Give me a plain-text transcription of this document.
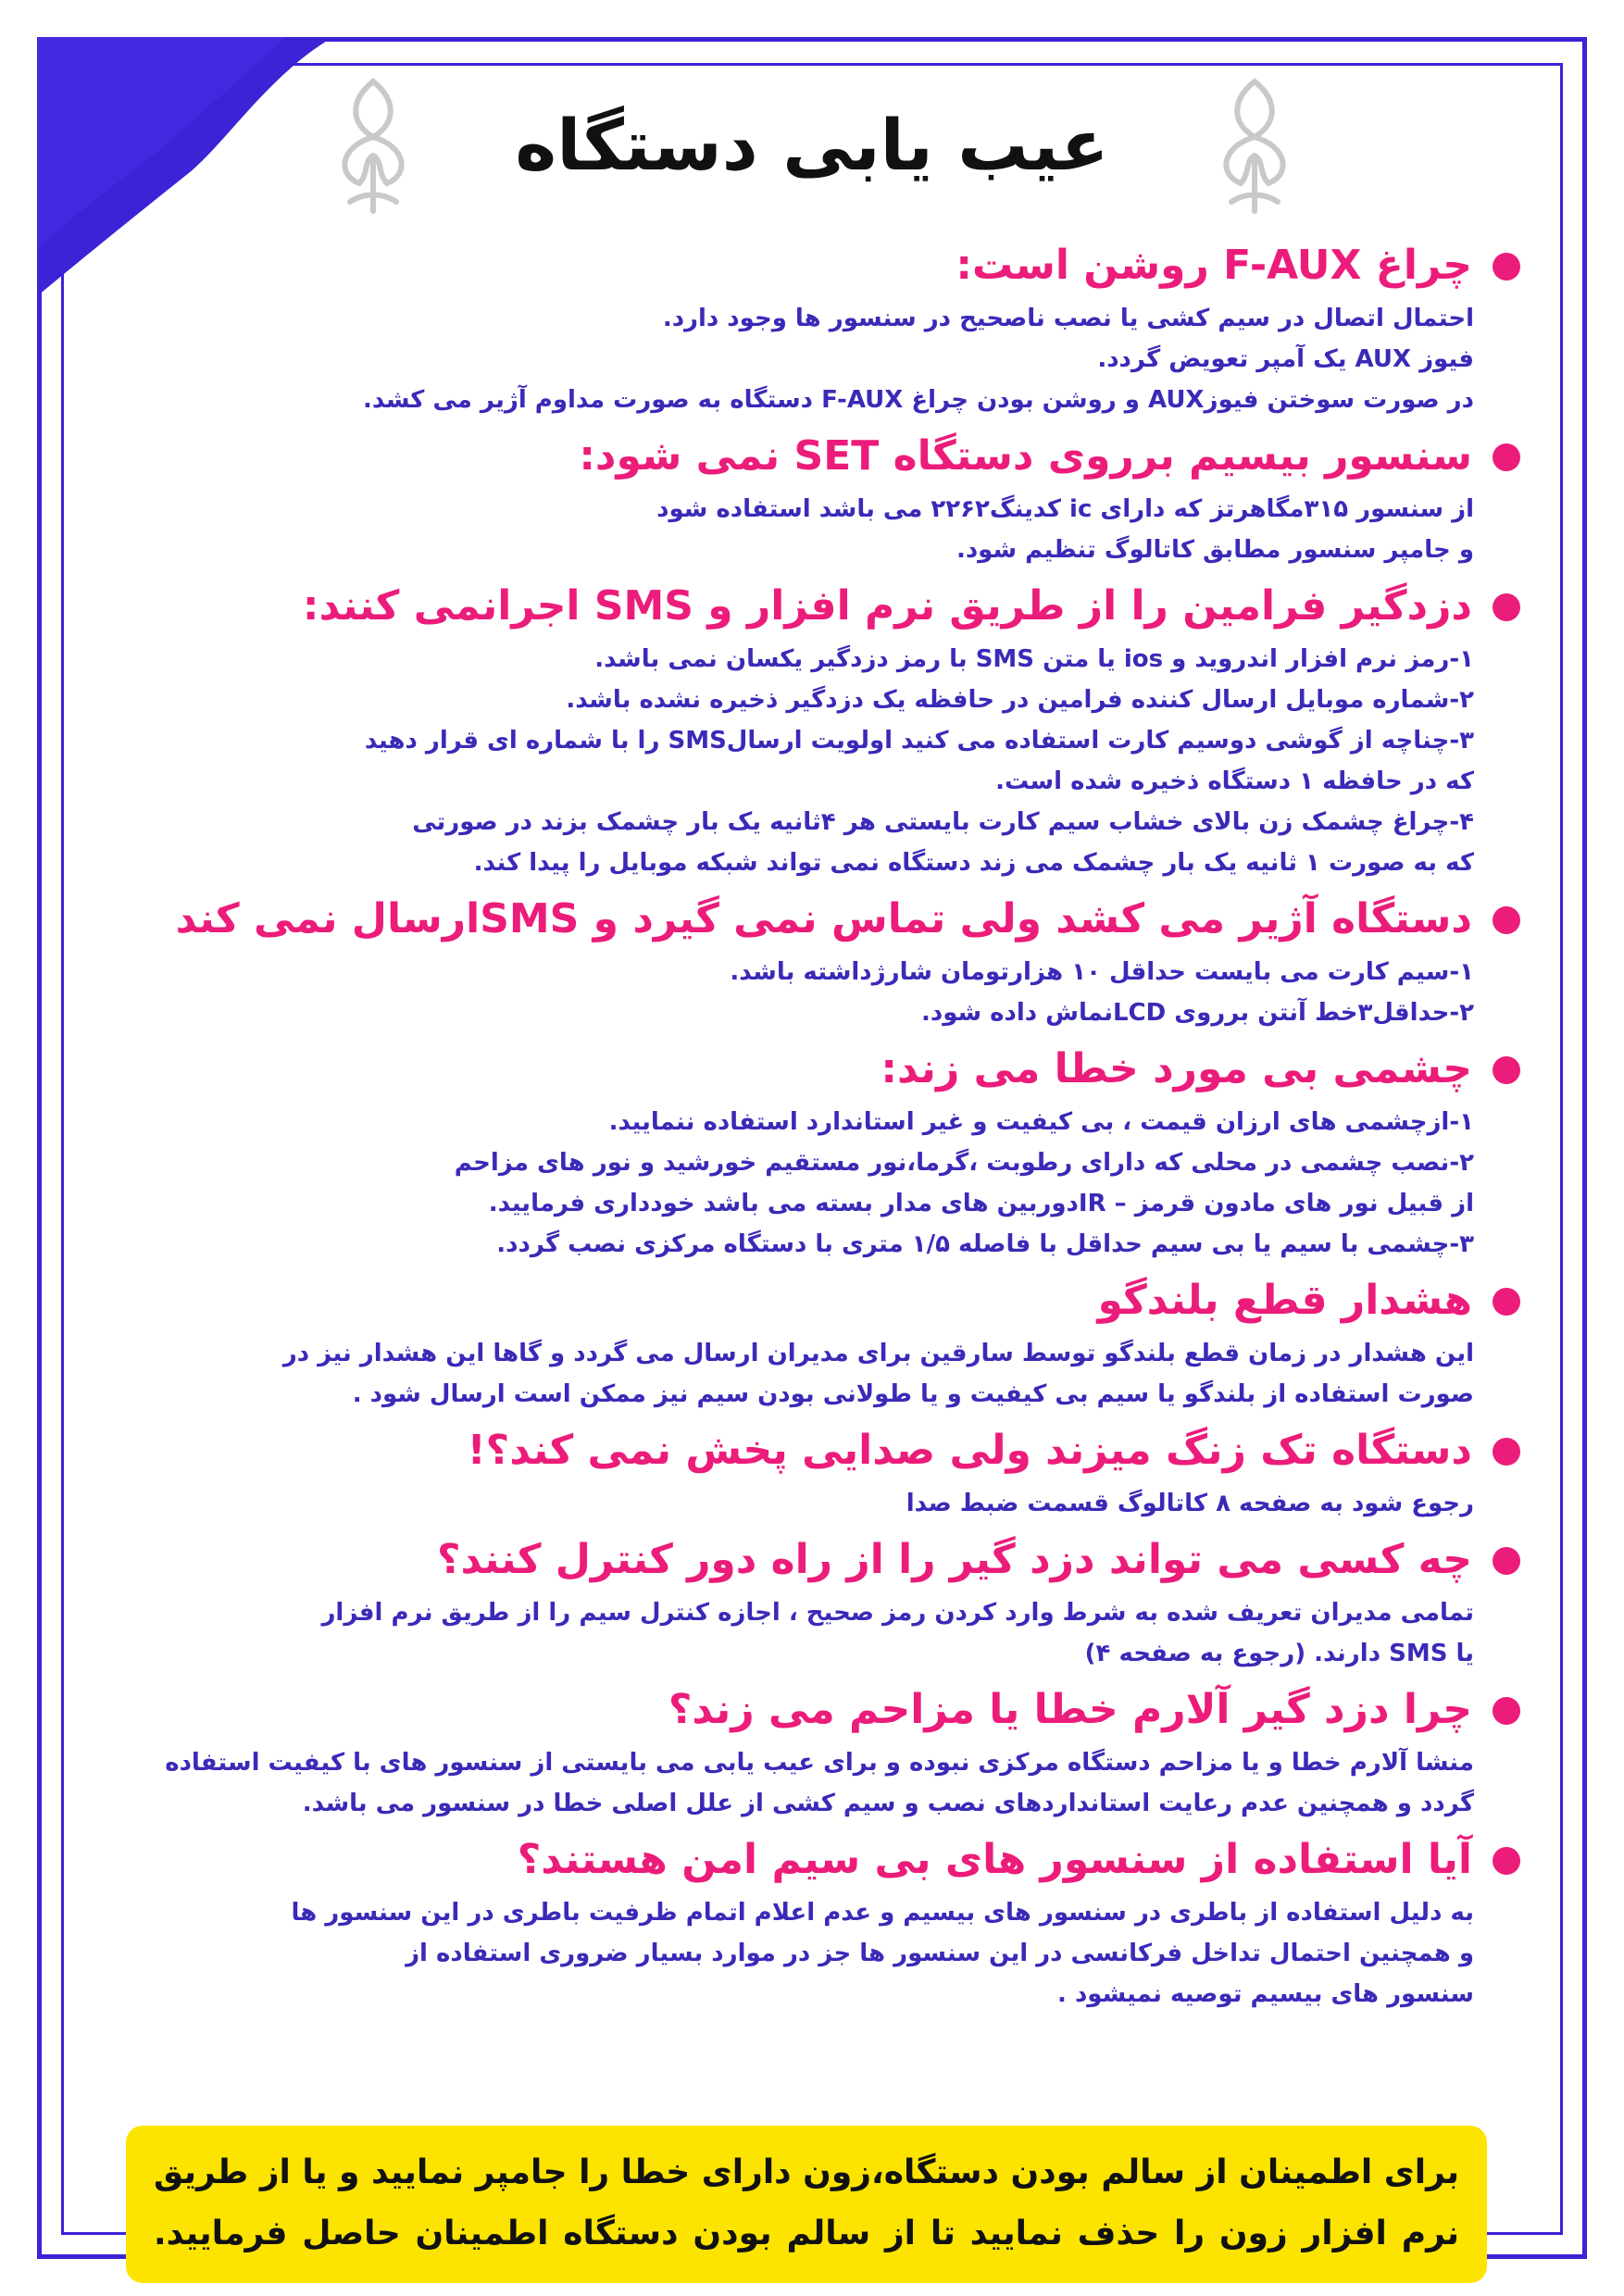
عیب یابی دستگاه
چراغ F-AUX روشن است:
احتمال اتصال در سیم کشی یا نصب ناصحیح در سنسور ها وجود دارد.
فیوز AUX یک آمپر تعویض گردد.
در صورت سوختن فیوزAUX و روشن بودن چراغ F-AUX دستگاه به صورت مداوم آژیر می کشد.
سنسور بیسیم برروی دستگاه SET نمی شود:
از سنسور ۳۱۵مگاهرتز که دارای ic کدینگ۲۲۶۲ می باشد استفاده شود
و جامپر سنسور مطابق کاتالوگ تنظیم شود.
دزدگیر فرامین را از طریق نرم افزار و SMS اجرانمی کنند:
۱-رمز نرم افزار اندروید و ios یا متن SMS با رمز دزدگیر یکسان نمی باشد.
۲-شماره موبایل ارسال کننده فرامین در حافظه یک دزدگیر ذخیره نشده باشد.
۳-چناچه از گوشی دوسیم کارت استفاده می کنید اولویت ارسالSMS را با شماره ای قرار دهید
که در حافظه ۱ دستگاه ذخیره شده است.
۴-چراغ چشمک زن بالای خشاب سیم کارت بایستی هر ۴ثانیه یک بار چشمک بزند در صورتی
که به صورت ۱ ثانیه یک بار چشمک می زند دستگاه نمی تواند شبکه موبایل را پیدا کند.
دستگاه آژیر می کشد ولی تماس نمی گیرد و SMSارسال نمی کند
۱-سیم کارت می بایست حداقل ۱۰ هزارتومان شارژداشته باشد.
۲-حداقل۳خط آنتن برروی LCDنماش داده شود.
چشمی بی مورد خطا می زند:
۱-ازچشمی های ارزان قیمت ، بی کیفیت و غیر استاندارد استفاده ننمایید.
۲-نصب چشمی در محلی که دارای رطوبت ،گرما،نور مستقیم خورشید و نور های مزاحم
از قبیل نور های مادون قرمز – IRدوربین های مدار بسته می باشد خودداری فرمایید.
۳-چشمی با سیم یا بی سیم حداقل با فاصله ۱/۵ متری با دستگاه مرکزی نصب گردد.
هشدار قطع بلندگو
این هشدار در زمان قطع بلندگو توسط سارقین برای مدیران ارسال می گردد و گاها این هشدار نیز در
صورت استفاده از بلندگو یا سیم بی کیفیت و یا طولانی بودن سیم نیز ممکن است ارسال شود .
دستگاه تک زنگ میزند ولی صدایی پخش نمی کند؟!
رجوع شود به صفحه ۸ کاتالوگ قسمت ضبط صدا
چه کسی می تواند دزد گیر را از راه دور کنترل کنند؟
تمامی مدیران تعریف شده به شرط وارد کردن رمز صحیح ، اجازه کنترل سیم را از طریق نرم افزار
یا SMS دارند. (رجوع به صفحه ۴)
چرا دزد گیر آلارم خطا یا مزاحم می زند؟
منشا آلارم خطا و یا مزاحم دستگاه مرکزی نبوده و برای عیب یابی می بایستی از سنسور های با کیفیت استفاده
گردد و همچنین عدم رعایت استانداردهای نصب و سیم کشی از علل اصلی خطا در سنسور می باشد.
آیا استفاده از سنسور های بی سیم امن هستند؟
به دلیل استفاده از باطری در سنسور های بیسیم و عدم اعلام اتمام ظرفیت باطری در این سنسور ها
و همچنین احتمال تداخل فرکانسی در این سنسور ها جز در موارد بسیار ضروری استفاده از
سنسور های بیسیم توصیه نمیشود .
برای اطمینان از سالم بودن دستگاه،زون دارای خطا را جامپر نمایید و یا از طریق
نرم افزار زون را حذف نمایید تا از سالم بودن دستگاه اطمینان حاصل فرمایید.
